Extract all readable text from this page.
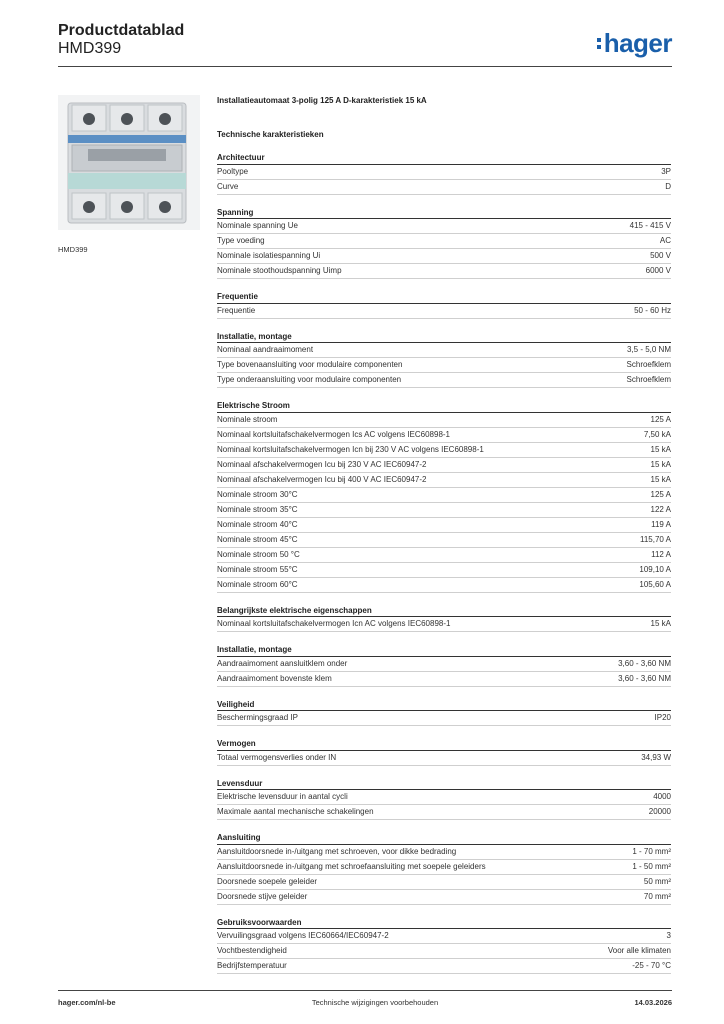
Productdatablad
HMD399	hager
HMD399
Installatieautomaat 3-polig 125 A D-karakteristiek 15 kA
Technische karakteristieken
Architectuur
Pooltype	3P
Curve	D
Spanning
Nominale spanning Ue	415 - 415 V
Type voeding	AC
Nominale isolatiespanning Ui	500 V
Nominale stoothoudspanning Uimp	6000 V
Frequentie
Frequentie	50 - 60 Hz
Installatie, montage
Nominaal aandraaimoment	3,5 - 5,0 NM
Type bovenaansluiting voor modulaire componenten	Schroefklem
Type onderaansluiting voor modulaire componenten	Schroefklem
Elektrische Stroom
Nominale stroom	125 A
Nominaal kortsluitafschakelvermogen Ics AC volgens IEC60898-1	7,50 kA
Nominaal kortsluitafschakelvermogen Icn bij 230 V AC volgens IEC60898-1	15 kA
Nominaal afschakelvermogen Icu bij 230 V AC IEC60947-2	15 kA
Nominaal afschakelvermogen Icu bij 400 V AC IEC60947-2	15 kA
Nominale stroom 30°C	125 A
Nominale stroom 35°C	122 A
Nominale stroom 40°C	119 A
Nominale stroom 45°C	115,70 A
Nominale stroom 50 °C	112 A
Nominale stroom 55°C	109,10 A
Nominale stroom 60°C	105,60 A
Belangrijkste elektrische eigenschappen
Nominaal kortsluitafschakelvermogen Icn AC volgens IEC60898-1	15 kA
Installatie, montage
Aandraaimoment aansluitklem onder	3,60 - 3,60 NM
Aandraaimoment bovenste klem	3,60 - 3,60 NM
Veiligheid
Beschermingsgraad IP	IP20
Vermogen
Totaal vermogensverlies onder IN	34,93 W
Levensduur
Elektrische levensduur in aantal cycli	4000
Maximale aantal mechanische schakelingen	20000
Aansluiting
Aansluitdoorsnede in-/uitgang met schroeven, voor dikke bedrading	1 - 70 mm²
Aansluitdoorsnede in-/uitgang met schroefaansluiting met soepele geleiders	1 - 50 mm²
Doorsnede soepele geleider	50 mm²
Doorsnede stijve geleider	70 mm²
Gebruiksvoorwaarden
Vervuilingsgraad volgens IEC60664/IEC60947-2	3
Vochtbestendigheid	Voor alle klimaten
Bedrijfstemperatuur	-25 - 70 °C
hager.com/nl-be	Technische wijzigingen voorbehouden	14.03.2026
